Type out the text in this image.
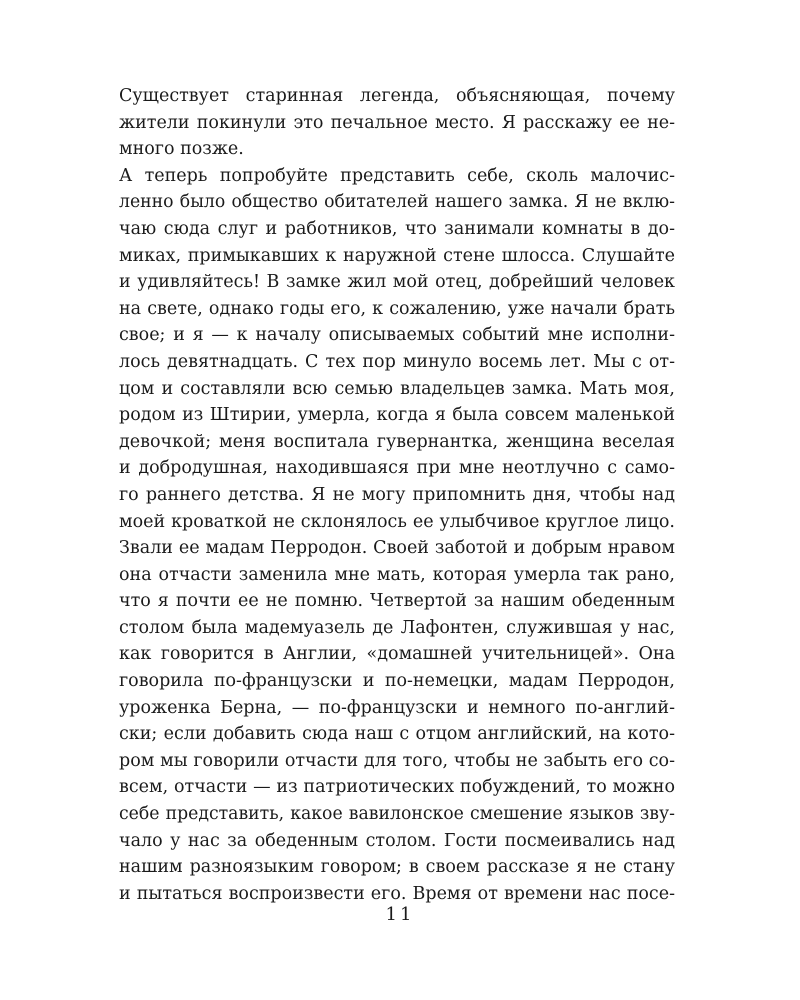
Существует старинная легенда, объясняющая, почему
жители покинули это печальное место. Я расскажу ее не-
много позже.
А теперь попробуйте представить себе, сколь малочис-
ленно было общество обитателей нашего замка. Я не вклю-
чаю сюда слуг и работников, что занимали комнаты в до-
миках, примыкавших к наружной стене шлосса. Слушайте
и удивляйтесь! В замке жил мой отец, добрейший человек
на свете, однако годы его, к сожалению, уже начали брать
свое; и я — к началу описываемых событий мне исполни-
лось девятнадцать. С тех пор минуло восемь лет. Мы с от-
цом и составляли всю семью владельцев замка. Мать моя,
родом из Штирии, умерла, когда я была совсем маленькой
девочкой; меня воспитала гувернантка, женщина веселая
и добродушная, находившаяся при мне неотлучно с само-
го раннего детства. Я не могу припомнить дня, чтобы над
моей кроваткой не склонялось ее улыбчивое круглое лицо.
Звали ее мадам Перродон. Своей заботой и добрым нравом
она отчасти заменила мне мать, которая умерла так рано,
что я почти ее не помню. Четвертой за нашим обеденным
столом была мадемуазель де Лафонтен, служившая у нас,
как говорится в Англии, «домашней учительницей». Она
говорила по-французски и по-немецки, мадам Перродон,
уроженка Берна, — по-французски и немного по-англий-
ски; если добавить сюда наш с отцом английский, на кото-
ром мы говорили отчасти для того, чтобы не забыть его со-
всем, отчасти — из патриотических побуждений, то можно
себе представить, какое вавилонское смешение языков зву-
чало у нас за обеденным столом. Гости посмеивались над
нашим разноязыким говором; в своем рассказе я не стану
и пытаться воспроизвести его. Время от времени нас посе-
11
